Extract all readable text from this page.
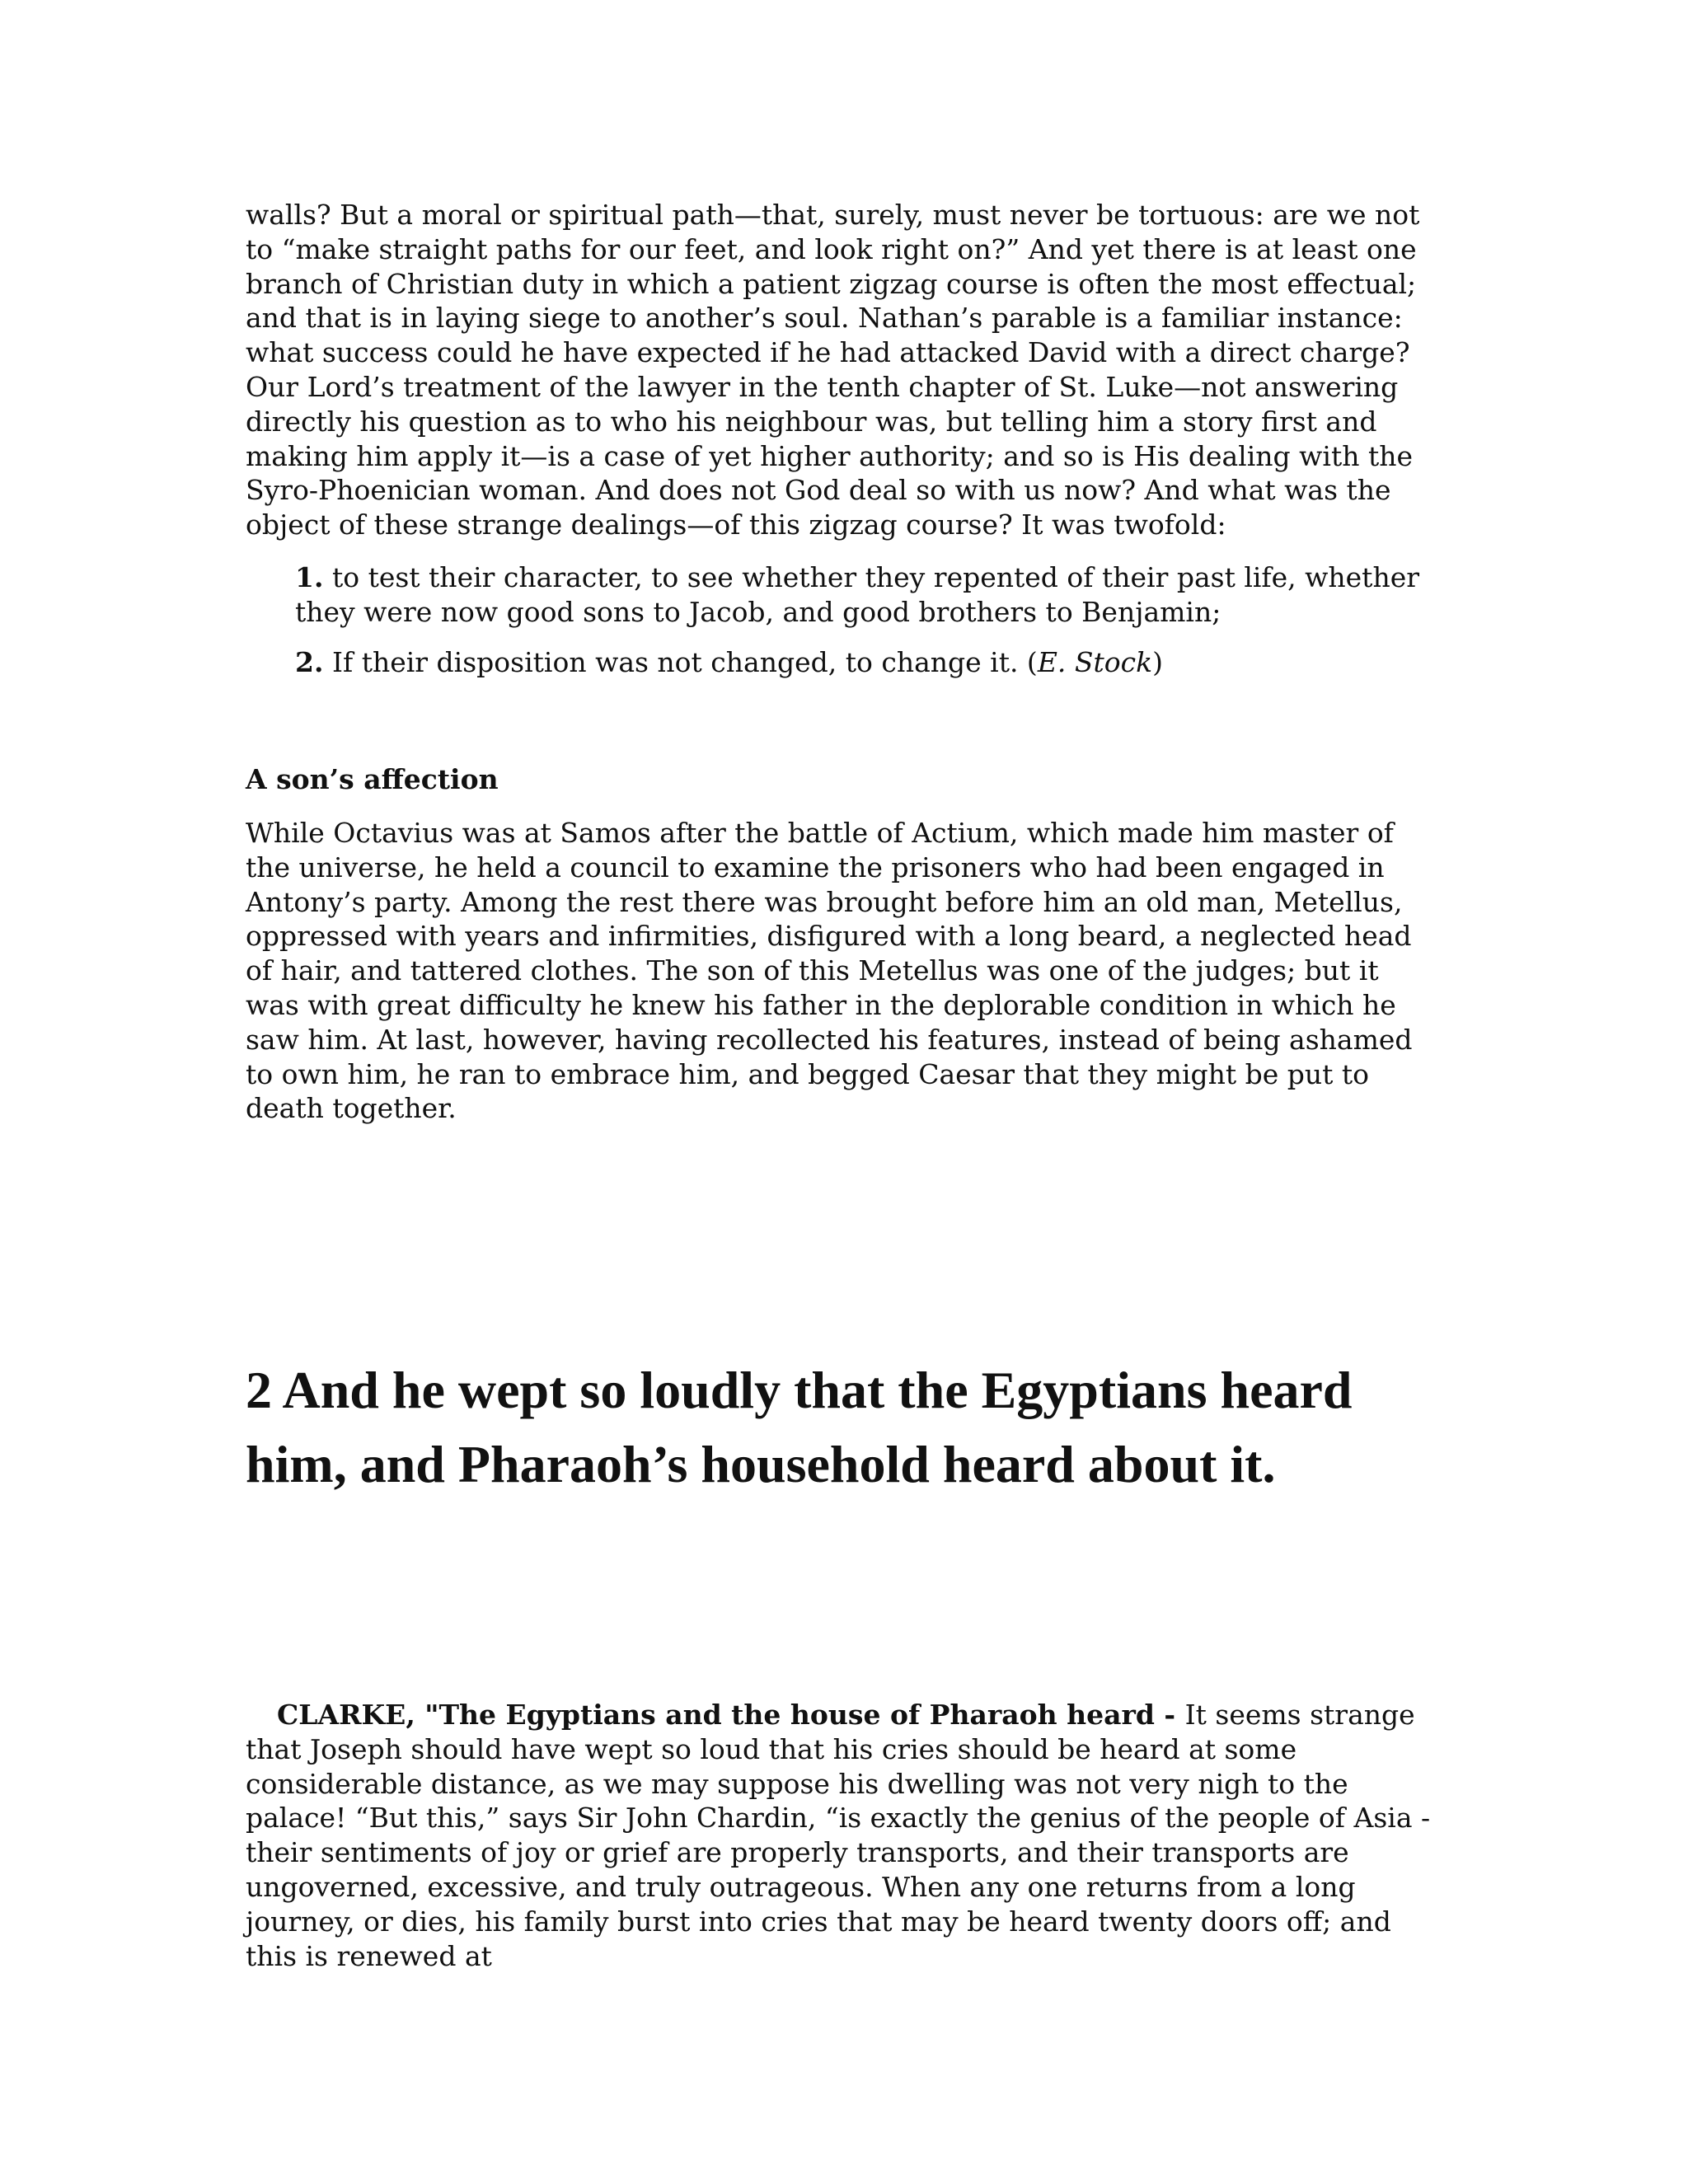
walls? But a moral or spiritual path—that, surely, must never be tortuous: are we not to “make straight paths for our feet, and look right on?” And yet there is at least one branch of Christian duty in which a patient zigzag course is often the most effectual; and that is in laying siege to another’s soul. Nathan’s parable is a familiar instance: what success could he have expected if he had attacked David with a direct charge? Our Lord’s treatment of the lawyer in the tenth chapter of St. Luke—not answering directly his question as to who his neighbour was, but telling him a story first and making him apply it—is a case of yet higher authority; and so is His dealing with the Syro-Phoenician woman. And does not God deal so with us now? And what was the object of these strange dealings—of this zigzag course? It was twofold:

1. to test their character, to see whether they repented of their past life, whether they were now good sons to Jacob, and good brothers to Benjamin;

2. If their disposition was not changed, to change it. (E. Stock)

A son’s affection

While Octavius was at Samos after the battle of Actium, which made him master of the universe, he held a council to examine the prisoners who had been engaged in Antony’s party. Among the rest there was brought before him an old man, Metellus, oppressed with years and infirmities, disfigured with a long beard, a neglected head of hair, and tattered clothes. The son of this Metellus was one of the judges; but it was with great difficulty he knew his father in the deplorable condition in which he saw him. At last, however, having recollected his features, instead of being ashamed to own him, he ran to embrace him, and begged Caesar that they might be put to death together.

2 And he wept so loudly that the Egyptians heard him, and Pharaoh’s household heard about it.

CLARKE, "The Egyptians and the house of Pharaoh heard - It seems strange that Joseph should have wept so loud that his cries should be heard at some considerable distance, as we may suppose his dwelling was not very nigh to the palace! “But this,” says Sir John Chardin, “is exactly the genius of the people of Asia - their sentiments of joy or grief are properly transports, and their transports are ungoverned, excessive, and truly outrageous. When any one returns from a long journey, or dies, his family burst into cries that may be heard twenty doors off; and this is renewed at
